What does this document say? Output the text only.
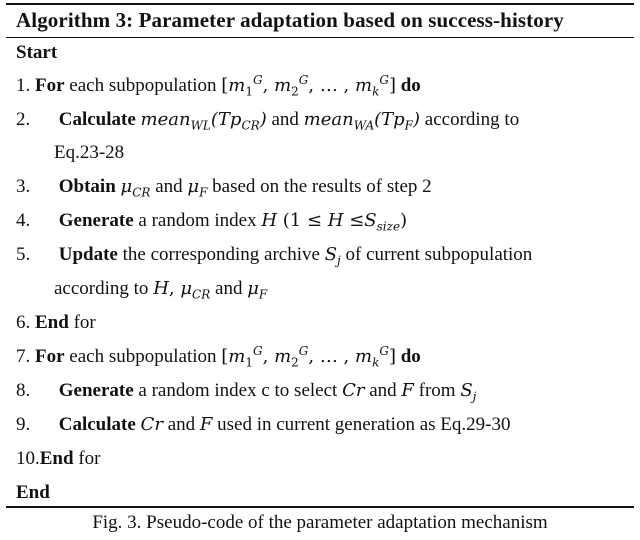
Algorithm 3: Parameter adaptation based on success-history
Start
1. For each subpopulation [$m_1^G$, $m_2^G$, … , $m_k^G$] do
2. Calculate $mean_{WL}(Tp_{CR})$ and $mean_{WA}(Tp_F)$ according to
Eq.23-28
3. Obtain $\mu_{CR}$ and $\mu_F$ based on the results of step 2
4. Generate a random index H $(1 \le H \le S_{size})$
5. Update the corresponding archive $S_j$ of current subpopulation
according to H, $\mu_{CR}$ and $\mu_F$
6. End for
7. For each subpopulation [$m_1^G$, $m_2^G$, … , $m_k^G$] do
8. Generate a random index c to select Cr and F from $S_j$
9. Calculate Cr and F used in current generation as Eq.29-30
10.End for
End
Fig. 3. Pseudo-code of the parameter adaptation mechanism
